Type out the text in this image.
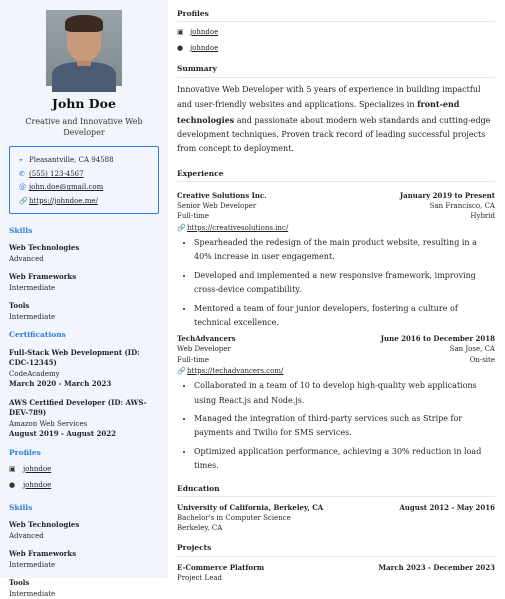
John Doe
Creative and Innovative Web Developer
⌖ Pleasantville, CA 94588
✆ (555) 123-4567
@ john.doe@gmail.com
🔗 https://johndoe.me/
Skills
Web Technologies
Advanced
Web Frameworks
Intermediate
Tools
Intermediate
Certifications
Full-Stack Web Development (ID: CDC-12345)
CodeAcademy
March 2020 - March 2023
AWS Certified Developer (ID: AWS-DEV-789)
Amazon Web Services
August 2019 - August 2022
Profiles
▣	johndoe
●	johndoe
Skills
Web Technologies
Advanced
Web Frameworks
Intermediate
Tools
Intermediate
Profiles
▣ johndoe
● johndoe
Summary

Innovative Web Developer with 5 years of experience in building impactful and user-friendly websites and applications. Specializes in front-end technologies and passionate about modern web standards and cutting-edge development techniques. Proven track record of leading successful projects from concept to deployment.

Experience
Creative Solutions Inc.	January 2019 to Present
Senior Web Developer	San Francisco, CA
Full-time	Hybrid
🔗 https://creativesolutions.inc/
• Spearheaded the redesign of the main product website, resulting in a 40% increase in user engagement.
• Developed and implemented a new responsive framework, improving cross-device compatibility.
• Mentored a team of four junior developers, fostering a culture of technical excellence.
TechAdvancers	June 2016 to December 2018
Web Developer	San Jose, CA
Full-time	On-site
🔗 https://techadvancers.com/
• Collaborated in a team of 10 to develop high-quality web applications using React.js and Node.js.
• Managed the integration of third-party services such as Stripe for payments and Twilio for SMS services.
• Optimized application performance, achieving a 30% reduction in load times.
Education
University of California, Berkeley, CA	August 2012 - May 2016
Bachelor's in Computer Science
Berkeley, CA
Projects
E-Commerce Platform	March 2023 - December 2023
Project Lead
